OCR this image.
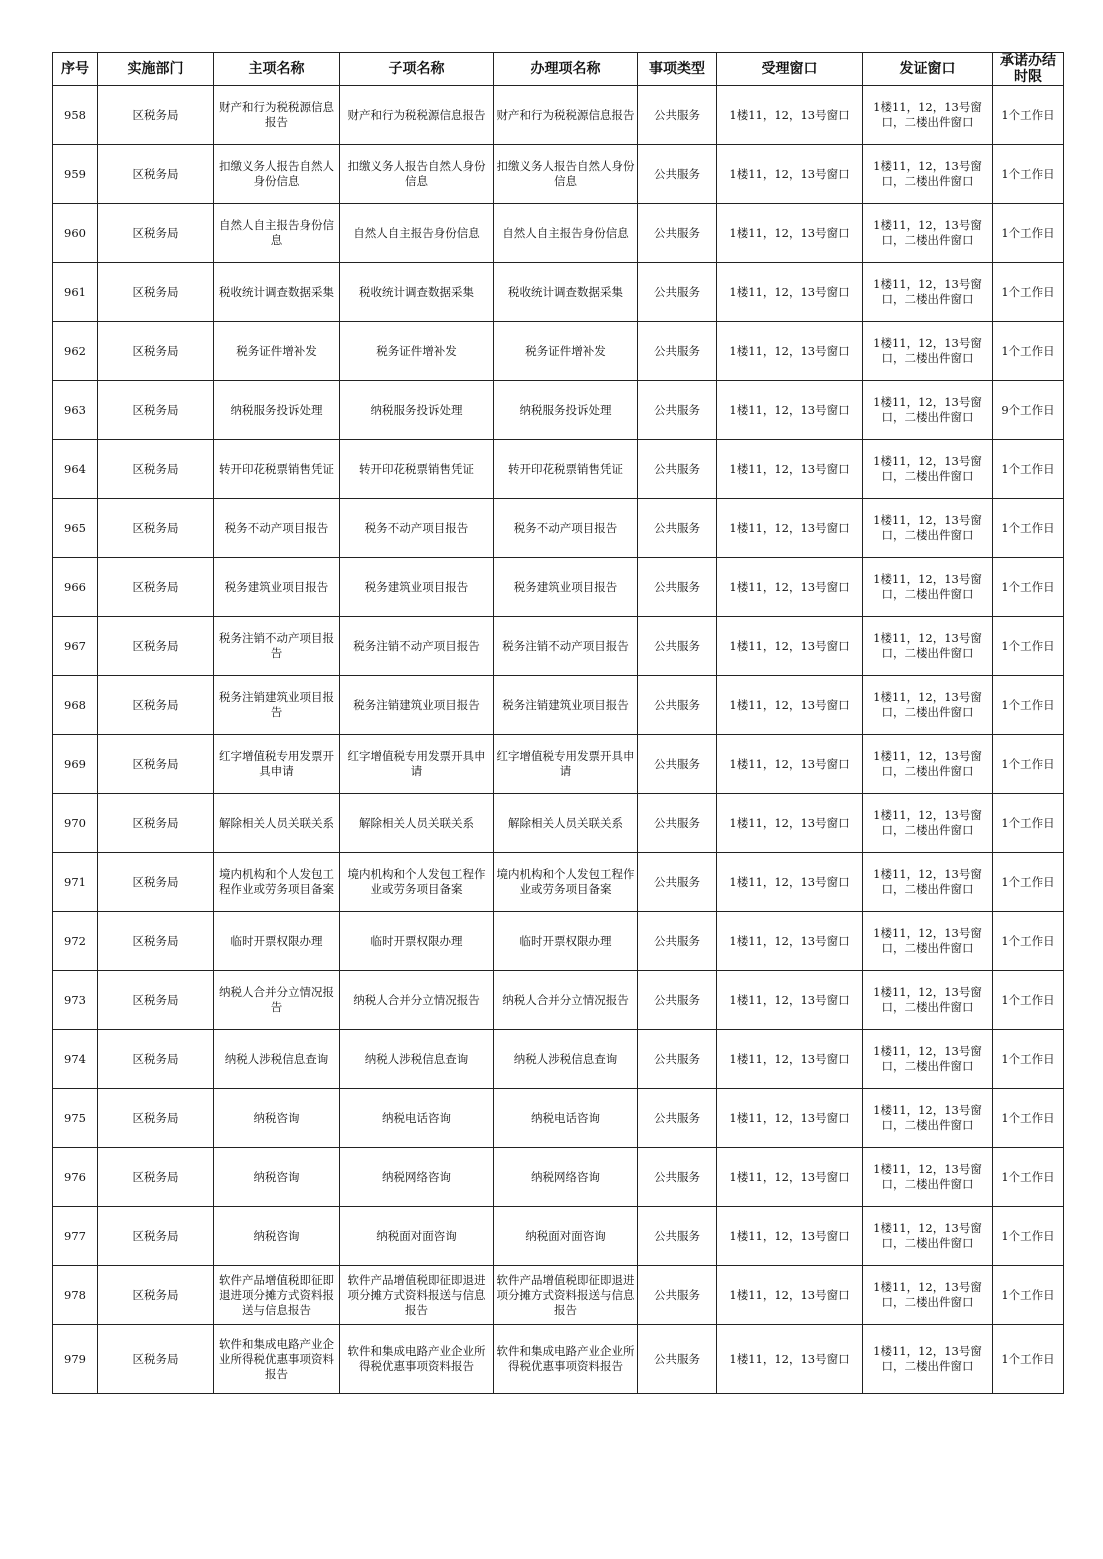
序号	实施部门	主项名称	子项名称	办理项名称	事项类型	受理窗口	发证窗口	承诺办结时限
958	区税务局	财产和行为税税源信息报告	财产和行为税税源信息报告	财产和行为税税源信息报告	公共服务	1楼11，12，13号窗口	1楼11，12，13号窗口，二楼出件窗口	1个工作日
959	区税务局	扣缴义务人报告自然人身份信息	扣缴义务人报告自然人身份信息	扣缴义务人报告自然人身份信息	公共服务	1楼11，12，13号窗口	1楼11，12，13号窗口，二楼出件窗口	1个工作日
960	区税务局	自然人自主报告身份信息	自然人自主报告身份信息	自然人自主报告身份信息	公共服务	1楼11，12，13号窗口	1楼11，12，13号窗口，二楼出件窗口	1个工作日
961	区税务局	税收统计调查数据采集	税收统计调查数据采集	税收统计调查数据采集	公共服务	1楼11，12，13号窗口	1楼11，12，13号窗口，二楼出件窗口	1个工作日
962	区税务局	税务证件增补发	税务证件增补发	税务证件增补发	公共服务	1楼11，12，13号窗口	1楼11，12，13号窗口，二楼出件窗口	1个工作日
963	区税务局	纳税服务投诉处理	纳税服务投诉处理	纳税服务投诉处理	公共服务	1楼11，12，13号窗口	1楼11，12，13号窗口，二楼出件窗口	9个工作日
964	区税务局	转开印花税票销售凭证	转开印花税票销售凭证	转开印花税票销售凭证	公共服务	1楼11，12，13号窗口	1楼11，12，13号窗口，二楼出件窗口	1个工作日
965	区税务局	税务不动产项目报告	税务不动产项目报告	税务不动产项目报告	公共服务	1楼11，12，13号窗口	1楼11，12，13号窗口，二楼出件窗口	1个工作日
966	区税务局	税务建筑业项目报告	税务建筑业项目报告	税务建筑业项目报告	公共服务	1楼11，12，13号窗口	1楼11，12，13号窗口，二楼出件窗口	1个工作日
967	区税务局	税务注销不动产项目报告	税务注销不动产项目报告	税务注销不动产项目报告	公共服务	1楼11，12，13号窗口	1楼11，12，13号窗口，二楼出件窗口	1个工作日
968	区税务局	税务注销建筑业项目报告	税务注销建筑业项目报告	税务注销建筑业项目报告	公共服务	1楼11，12，13号窗口	1楼11，12，13号窗口，二楼出件窗口	1个工作日
969	区税务局	红字增值税专用发票开具申请	红字增值税专用发票开具申请	红字增值税专用发票开具申请	公共服务	1楼11，12，13号窗口	1楼11，12，13号窗口，二楼出件窗口	1个工作日
970	区税务局	解除相关人员关联关系	解除相关人员关联关系	解除相关人员关联关系	公共服务	1楼11，12，13号窗口	1楼11，12，13号窗口，二楼出件窗口	1个工作日
971	区税务局	境内机构和个人发包工程作业或劳务项目备案	境内机构和个人发包工程作业或劳务项目备案	境内机构和个人发包工程作业或劳务项目备案	公共服务	1楼11，12，13号窗口	1楼11，12，13号窗口，二楼出件窗口	1个工作日
972	区税务局	临时开票权限办理	临时开票权限办理	临时开票权限办理	公共服务	1楼11，12，13号窗口	1楼11，12，13号窗口，二楼出件窗口	1个工作日
973	区税务局	纳税人合并分立情况报告	纳税人合并分立情况报告	纳税人合并分立情况报告	公共服务	1楼11，12，13号窗口	1楼11，12，13号窗口，二楼出件窗口	1个工作日
974	区税务局	纳税人涉税信息查询	纳税人涉税信息查询	纳税人涉税信息查询	公共服务	1楼11，12，13号窗口	1楼11，12，13号窗口，二楼出件窗口	1个工作日
975	区税务局	纳税咨询	纳税电话咨询	纳税电话咨询	公共服务	1楼11，12，13号窗口	1楼11，12，13号窗口，二楼出件窗口	1个工作日
976	区税务局	纳税咨询	纳税网络咨询	纳税网络咨询	公共服务	1楼11，12，13号窗口	1楼11，12，13号窗口，二楼出件窗口	1个工作日
977	区税务局	纳税咨询	纳税面对面咨询	纳税面对面咨询	公共服务	1楼11，12，13号窗口	1楼11，12，13号窗口，二楼出件窗口	1个工作日
978	区税务局	软件产品增值税即征即退进项分摊方式资料报送与信息报告	软件产品增值税即征即退进项分摊方式资料报送与信息报告	软件产品增值税即征即退进项分摊方式资料报送与信息报告	公共服务	1楼11，12，13号窗口	1楼11，12，13号窗口，二楼出件窗口	1个工作日
979	区税务局	软件和集成电路产业企业所得税优惠事项资料报告	软件和集成电路产业企业所得税优惠事项资料报告	软件和集成电路产业企业所得税优惠事项资料报告	公共服务	1楼11，12，13号窗口	1楼11，12，13号窗口，二楼出件窗口	1个工作日
